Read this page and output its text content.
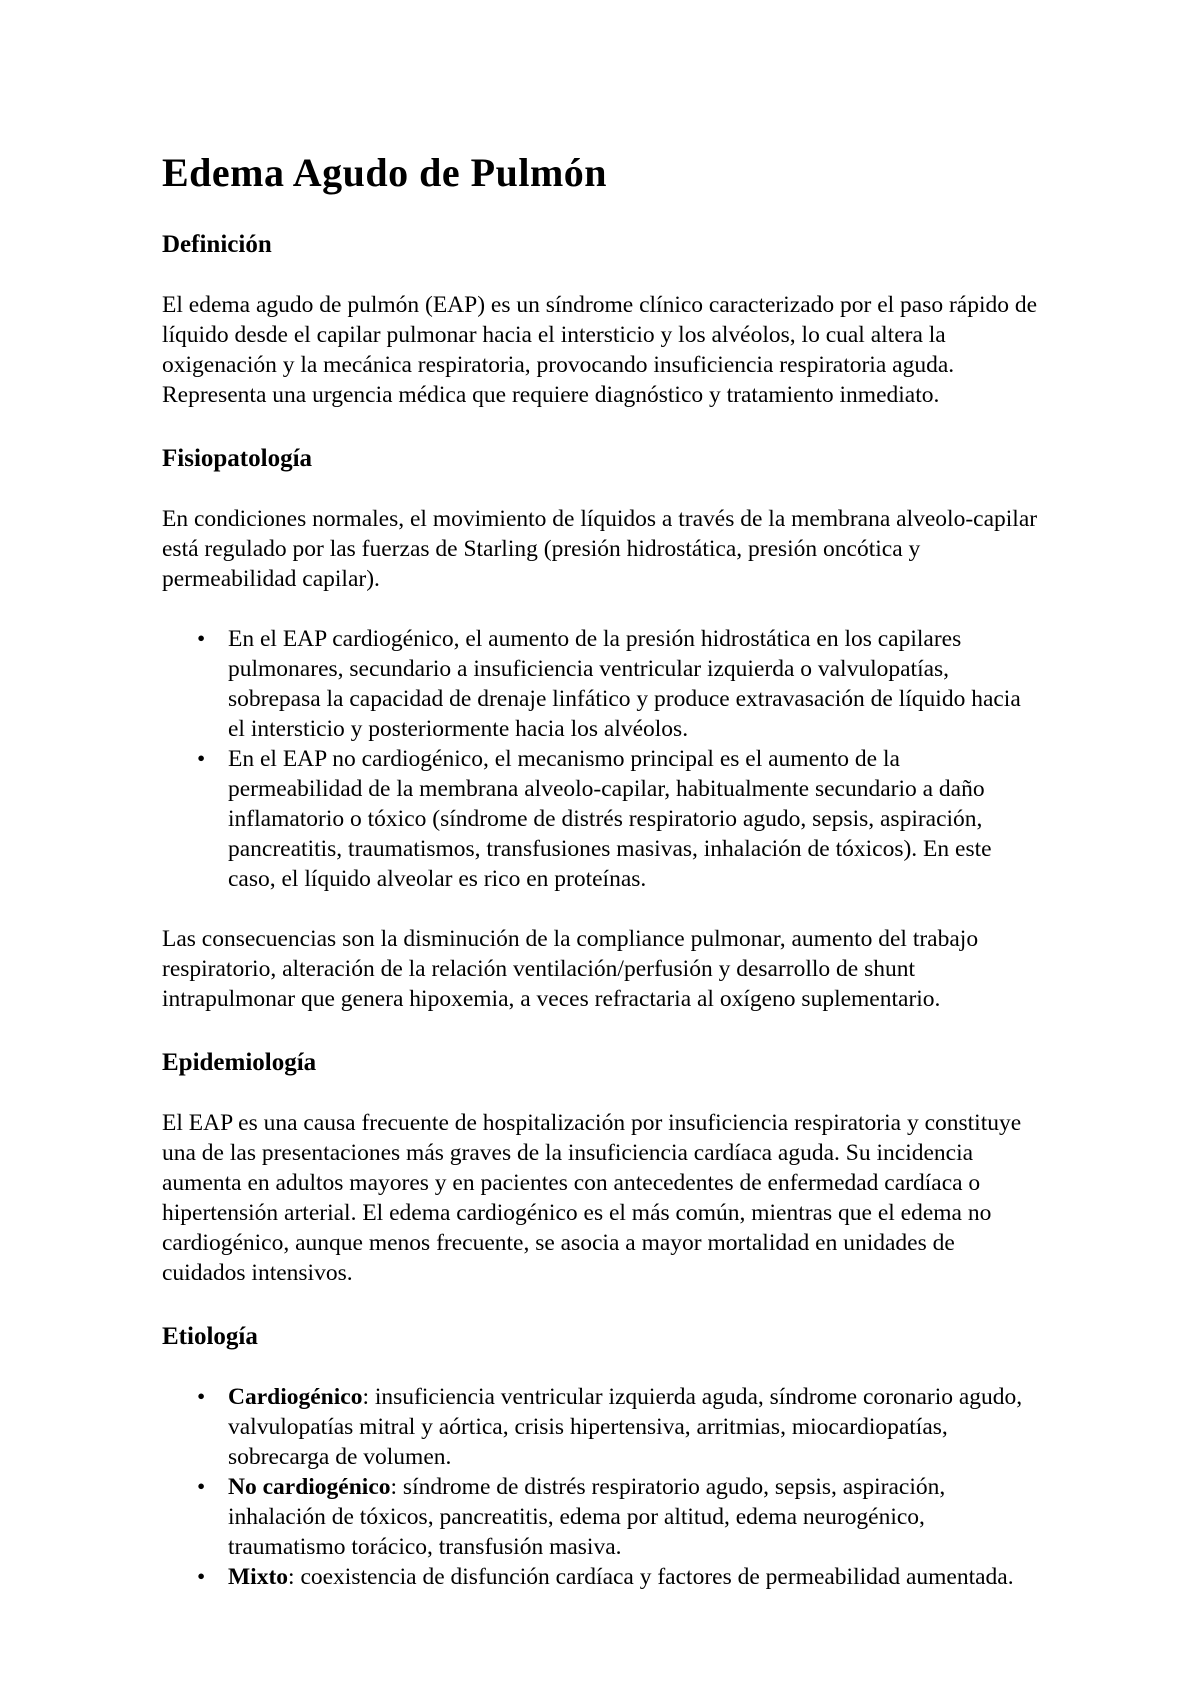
Edema Agudo de Pulmón
Definición

El edema agudo de pulmón (EAP) es un síndrome clínico caracterizado por el paso rápido de líquido desde el capilar pulmonar hacia el intersticio y los alvéolos, lo cual altera la oxigenación y la mecánica respiratoria, provocando insuficiencia respiratoria aguda. Representa una urgencia médica que requiere diagnóstico y tratamiento inmediato.

Fisiopatología

En condiciones normales, el movimiento de líquidos a través de la membrana alveolo-capilar está regulado por las fuerzas de Starling (presión hidrostática, presión oncótica y permeabilidad capilar).

• En el EAP cardiogénico, el aumento de la presión hidrostática en los capilares pulmonares, secundario a insuficiencia ventricular izquierda o valvulopatías, sobrepasa la capacidad de drenaje linfático y produce extravasación de líquido hacia el intersticio y posteriormente hacia los alvéolos.
• En el EAP no cardiogénico, el mecanismo principal es el aumento de la permeabilidad de la membrana alveolo-capilar, habitualmente secundario a daño inflamatorio o tóxico (síndrome de distrés respiratorio agudo, sepsis, aspiración, pancreatitis, traumatismos, transfusiones masivas, inhalación de tóxicos). En este caso, el líquido alveolar es rico en proteínas.

Las consecuencias son la disminución de la compliance pulmonar, aumento del trabajo respiratorio, alteración de la relación ventilación/perfusión y desarrollo de shunt intrapulmonar que genera hipoxemia, a veces refractaria al oxígeno suplementario.

Epidemiología

El EAP es una causa frecuente de hospitalización por insuficiencia respiratoria y constituye una de las presentaciones más graves de la insuficiencia cardíaca aguda. Su incidencia aumenta en adultos mayores y en pacientes con antecedentes de enfermedad cardíaca o hipertensión arterial. El edema cardiogénico es el más común, mientras que el edema no cardiogénico, aunque menos frecuente, se asocia a mayor mortalidad en unidades de cuidados intensivos.

Etiología
• Cardiogénico: insuficiencia ventricular izquierda aguda, síndrome coronario agudo, valvulopatías mitral y aórtica, crisis hipertensiva, arritmias, miocardiopatías, sobrecarga de volumen.
• No cardiogénico: síndrome de distrés respiratorio agudo, sepsis, aspiración, inhalación de tóxicos, pancreatitis, edema por altitud, edema neurogénico, traumatismo torácico, transfusión masiva.
• Mixto: coexistencia de disfunción cardíaca y factores de permeabilidad aumentada.
